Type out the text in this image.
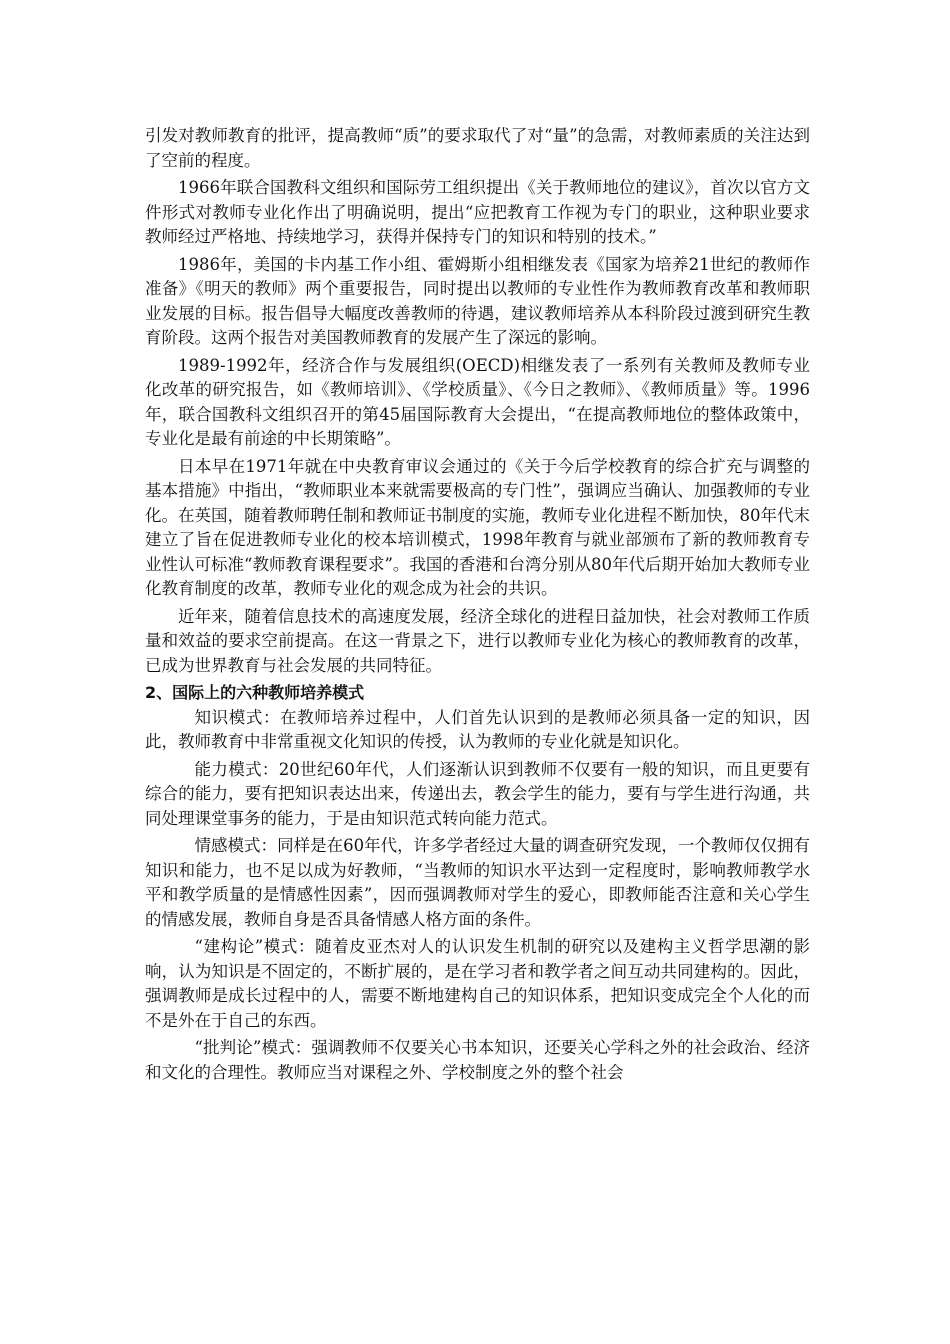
引发对教师教育的批评，提高教师“质”的要求取代了对“量”的急需，对教师素质的关注达到了空前的程度。

1966年联合国教科文组织和国际劳工组织提出《关于教师地位的建议》，首次以官方文件形式对教师专业化作出了明确说明，提出“应把教育工作视为专门的职业，这种职业要求教师经过严格地、持续地学习，获得并保持专门的知识和特别的技术。”

1986年，美国的卡内基工作小组、霍姆斯小组相继发表《国家为培养21世纪的教师作准备》《明天的教师》两个重要报告，同时提出以教师的专业性作为教师教育改革和教师职业发展的目标。报告倡导大幅度改善教师的待遇，建议教师培养从本科阶段过渡到研究生教育阶段。这两个报告对美国教师教育的发展产生了深远的影响。

1989-1992年，经济合作与发展组织(OECD)相继发表了一系列有关教师及教师专业化改革的研究报告，如《教师培训》、《学校质量》、《今日之教师》、《教师质量》等。1996年，联合国教科文组织召开的第45届国际教育大会提出，“在提高教师地位的整体政策中，专业化是最有前途的中长期策略”。

日本早在1971年就在中央教育审议会通过的《关于今后学校教育的综合扩充与调整的基本措施》中指出，“教师职业本来就需要极高的专门性”，强调应当确认、加强教师的专业化。在英国，随着教师聘任制和教师证书制度的实施，教师专业化进程不断加快，80年代末建立了旨在促进教师专业化的校本培训模式，1998年教育与就业部颁布了新的教师教育专业性认可标准“教师教育课程要求”。我国的香港和台湾分别从80年代后期开始加大教师专业化教育制度的改革，教师专业化的观念成为社会的共识。

近年来，随着信息技术的高速度发展，经济全球化的进程日益加快，社会对教师工作质量和效益的要求空前提高。在这一背景之下，进行以教师专业化为核心的教师教育的改革，已成为世界教育与社会发展的共同特征。

2、国际上的六种教师培养模式

知识模式：在教师培养过程中，人们首先认识到的是教师必须具备一定的知识，因此，教师教育中非常重视文化知识的传授，认为教师的专业化就是知识化。

能力模式：20世纪60年代，人们逐渐认识到教师不仅要有一般的知识，而且更要有综合的能力，要有把知识表达出来，传递出去，教会学生的能力，要有与学生进行沟通，共同处理课堂事务的能力，于是由知识范式转向能力范式。

情感模式：同样是在60年代，许多学者经过大量的调查研究发现，一个教师仅仅拥有知识和能力，也不足以成为好教师，“当教师的知识水平达到一定程度时，影响教师教学水平和教学质量的是情感性因素”，因而强调教师对学生的爱心，即教师能否注意和关心学生的情感发展，教师自身是否具备情感人格方面的条件。

“建构论”模式：随着皮亚杰对人的认识发生机制的研究以及建构主义哲学思潮的影响，认为知识是不固定的，不断扩展的，是在学习者和教学者之间互动共同建构的。因此，强调教师是成长过程中的人，需要不断地建构自己的知识体系，把知识变成完全个人化的而不是外在于自己的东西。

“批判论”模式：强调教师不仅要关心书本知识，还要关心学科之外的社会政治、经济和文化的合理性。教师应当对课程之外、学校制度之外的整个社会
